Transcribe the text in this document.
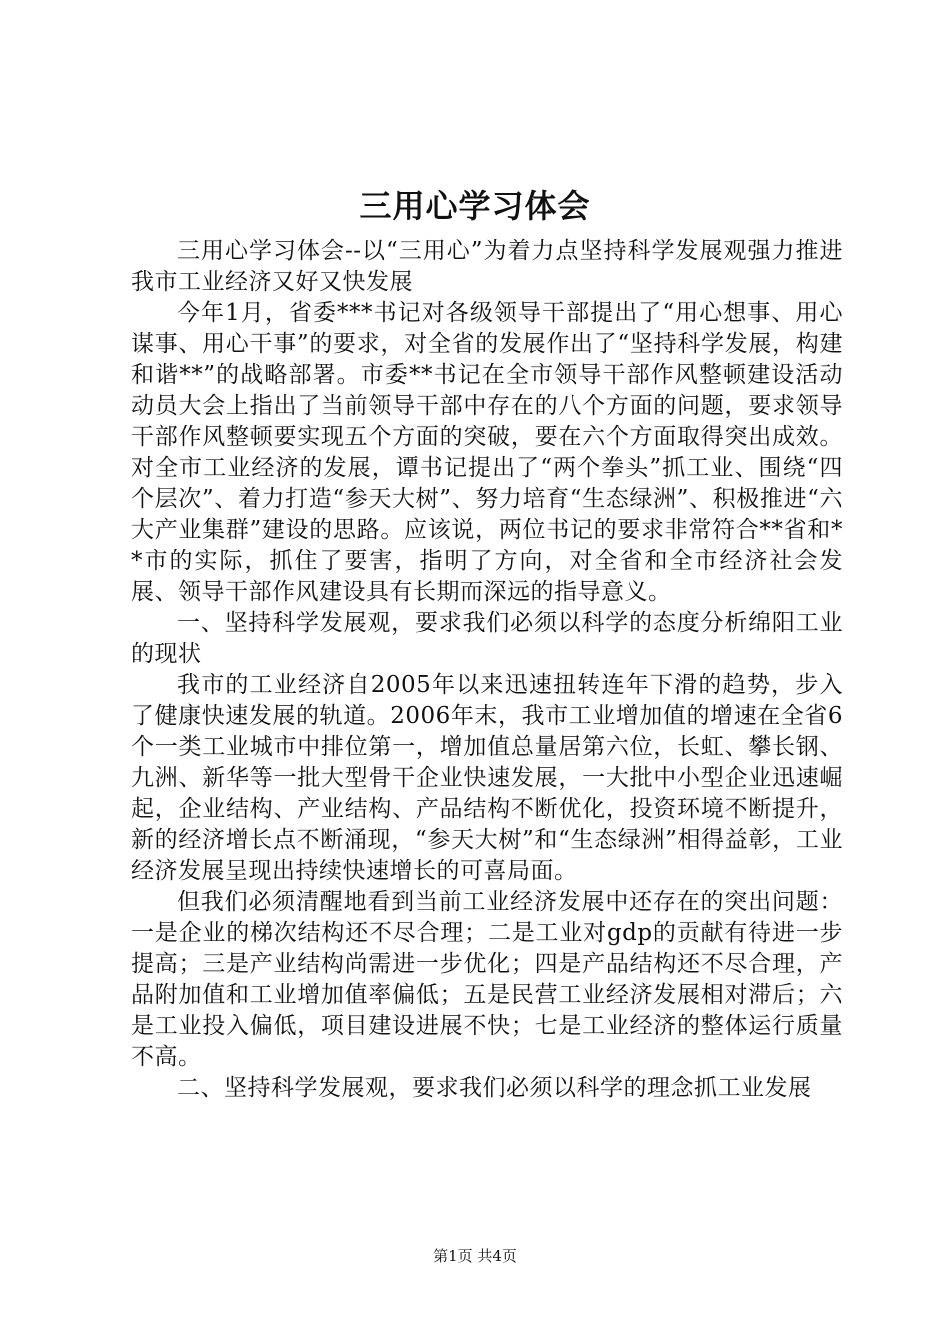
三用心学习体会

三用心学习体会--以“三用心”为着力点坚持科学发展观强力推进我市工业经济又好又快发展

今年1月，省委***书记对各级领导干部提出了“用心想事、用心谋事、用心干事”的要求，对全省的发展作出了“坚持科学发展，构建和谐**”的战略部署。市委**书记在全市领导干部作风整顿建设活动动员大会上指出了当前领导干部中存在的八个方面的问题，要求领导干部作风整顿要实现五个方面的突破，要在六个方面取得突出成效。对全市工业经济的发展，谭书记提出了“两个拳头”抓工业、围绕“四个层次”、着力打造“参天大树”、努力培育“生态绿洲”、积极推进“六大产业集群”建设的思路。应该说，两位书记的要求非常符合**省和**市的实际，抓住了要害，指明了方向，对全省和全市经济社会发展、领导干部作风建设具有长期而深远的指导意义。

一、坚持科学发展观，要求我们必须以科学的态度分析绵阳工业的现状

我市的工业经济自2005年以来迅速扭转连年下滑的趋势，步入了健康快速发展的轨道。2006年末，我市工业增加值的增速在全省6个一类工业城市中排位第一，增加值总量居第六位，长虹、攀长钢、九洲、新华等一批大型骨干企业快速发展，一大批中小型企业迅速崛起，企业结构、产业结构、产品结构不断优化，投资环境不断提升，新的经济增长点不断涌现，“参天大树”和“生态绿洲”相得益彰，工业经济发展呈现出持续快速增长的可喜局面。

但我们必须清醒地看到当前工业经济发展中还存在的突出问题：一是企业的梯次结构还不尽合理；二是工业对gdp的贡献有待进一步提高；三是产业结构尚需进一步优化；四是产品结构还不尽合理，产品附加值和工业增加值率偏低；五是民营工业经济发展相对滞后；六是工业投入偏低，项目建设进展不快；七是工业经济的整体运行质量不高。

二、坚持科学发展观，要求我们必须以科学的理念抓工业发展

第1页 共4页
